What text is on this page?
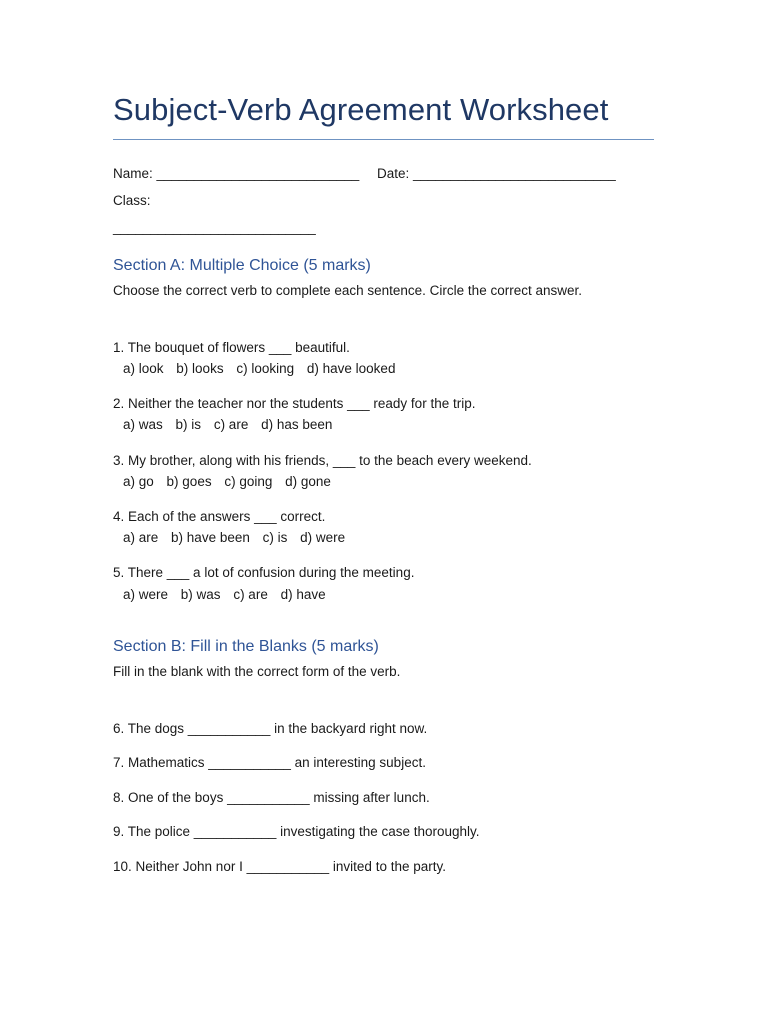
Subject-Verb Agreement Worksheet
Name: ___________________________ Date: ___________________________ Class:
___________________________
Section A: Multiple Choice (5 marks)
Choose the correct verb to complete each sentence. Circle the correct answer.
1. The bouquet of flowers ___ beautiful.
a) look b) looks c) looking d) have looked
2. Neither the teacher nor the students ___ ready for the trip.
a) was b) is c) are d) has been
3. My brother, along with his friends, ___ to the beach every weekend.
a) go b) goes c) going d) gone
4. Each of the answers ___ correct.
a) are b) have been c) is d) were
5. There ___ a lot of confusion during the meeting.
a) were b) was c) are d) have
Section B: Fill in the Blanks (5 marks)
Fill in the blank with the correct form of the verb.
6. The dogs ___________ in the backyard right now.
7. Mathematics ___________ an interesting subject.
8. One of the boys ___________ missing after lunch.
9. The police ___________ investigating the case thoroughly.
10. Neither John nor I ___________ invited to the party.
